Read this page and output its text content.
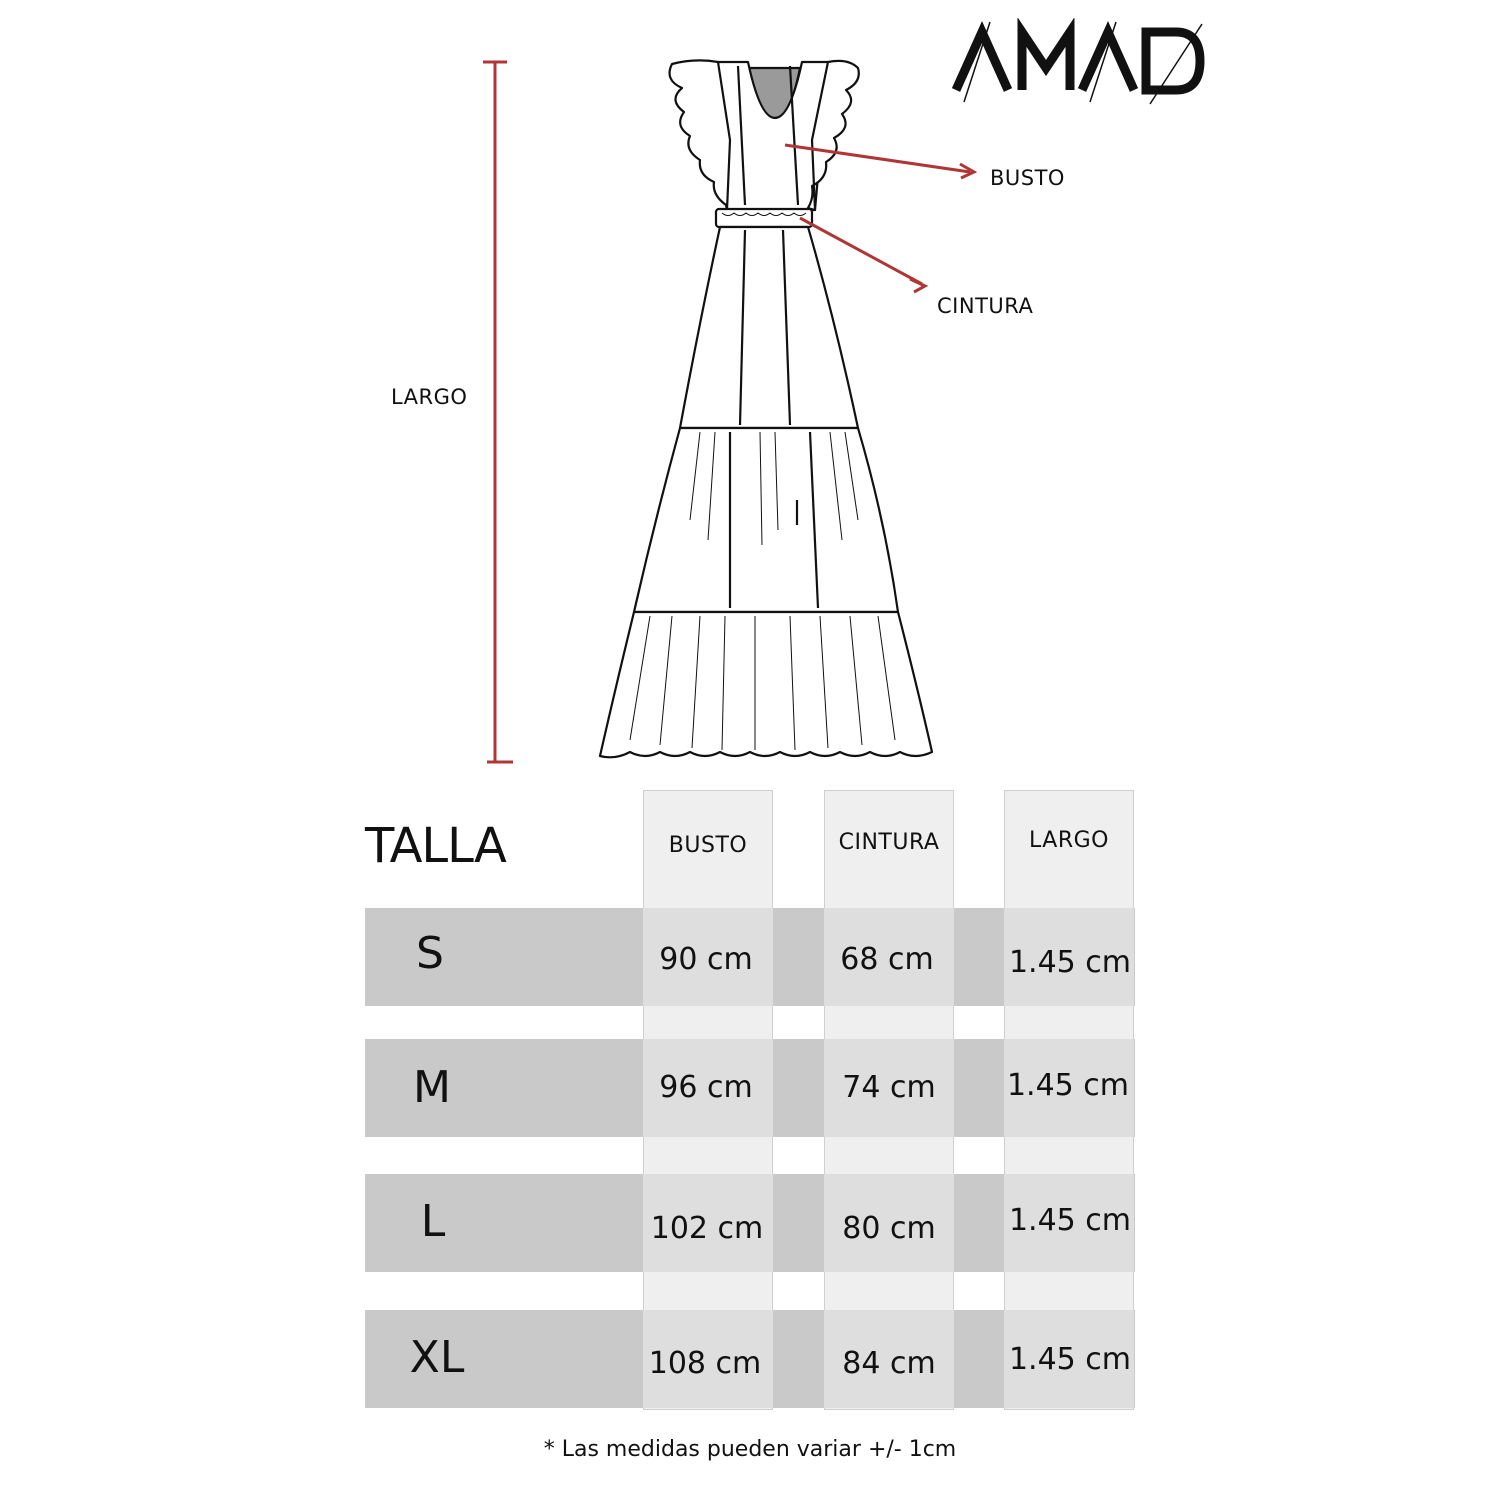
BUSTO
CINTURA
LARGO
TALLA	BUSTO	CINTURA	LARGO
S	90 cm	68 cm	1.45 cm
M	96 cm	74 cm	1.45 cm
L	102 cm	80 cm	1.45 cm
XL	108 cm	84 cm	1.45 cm
* Las medidas pueden variar +/- 1cm
